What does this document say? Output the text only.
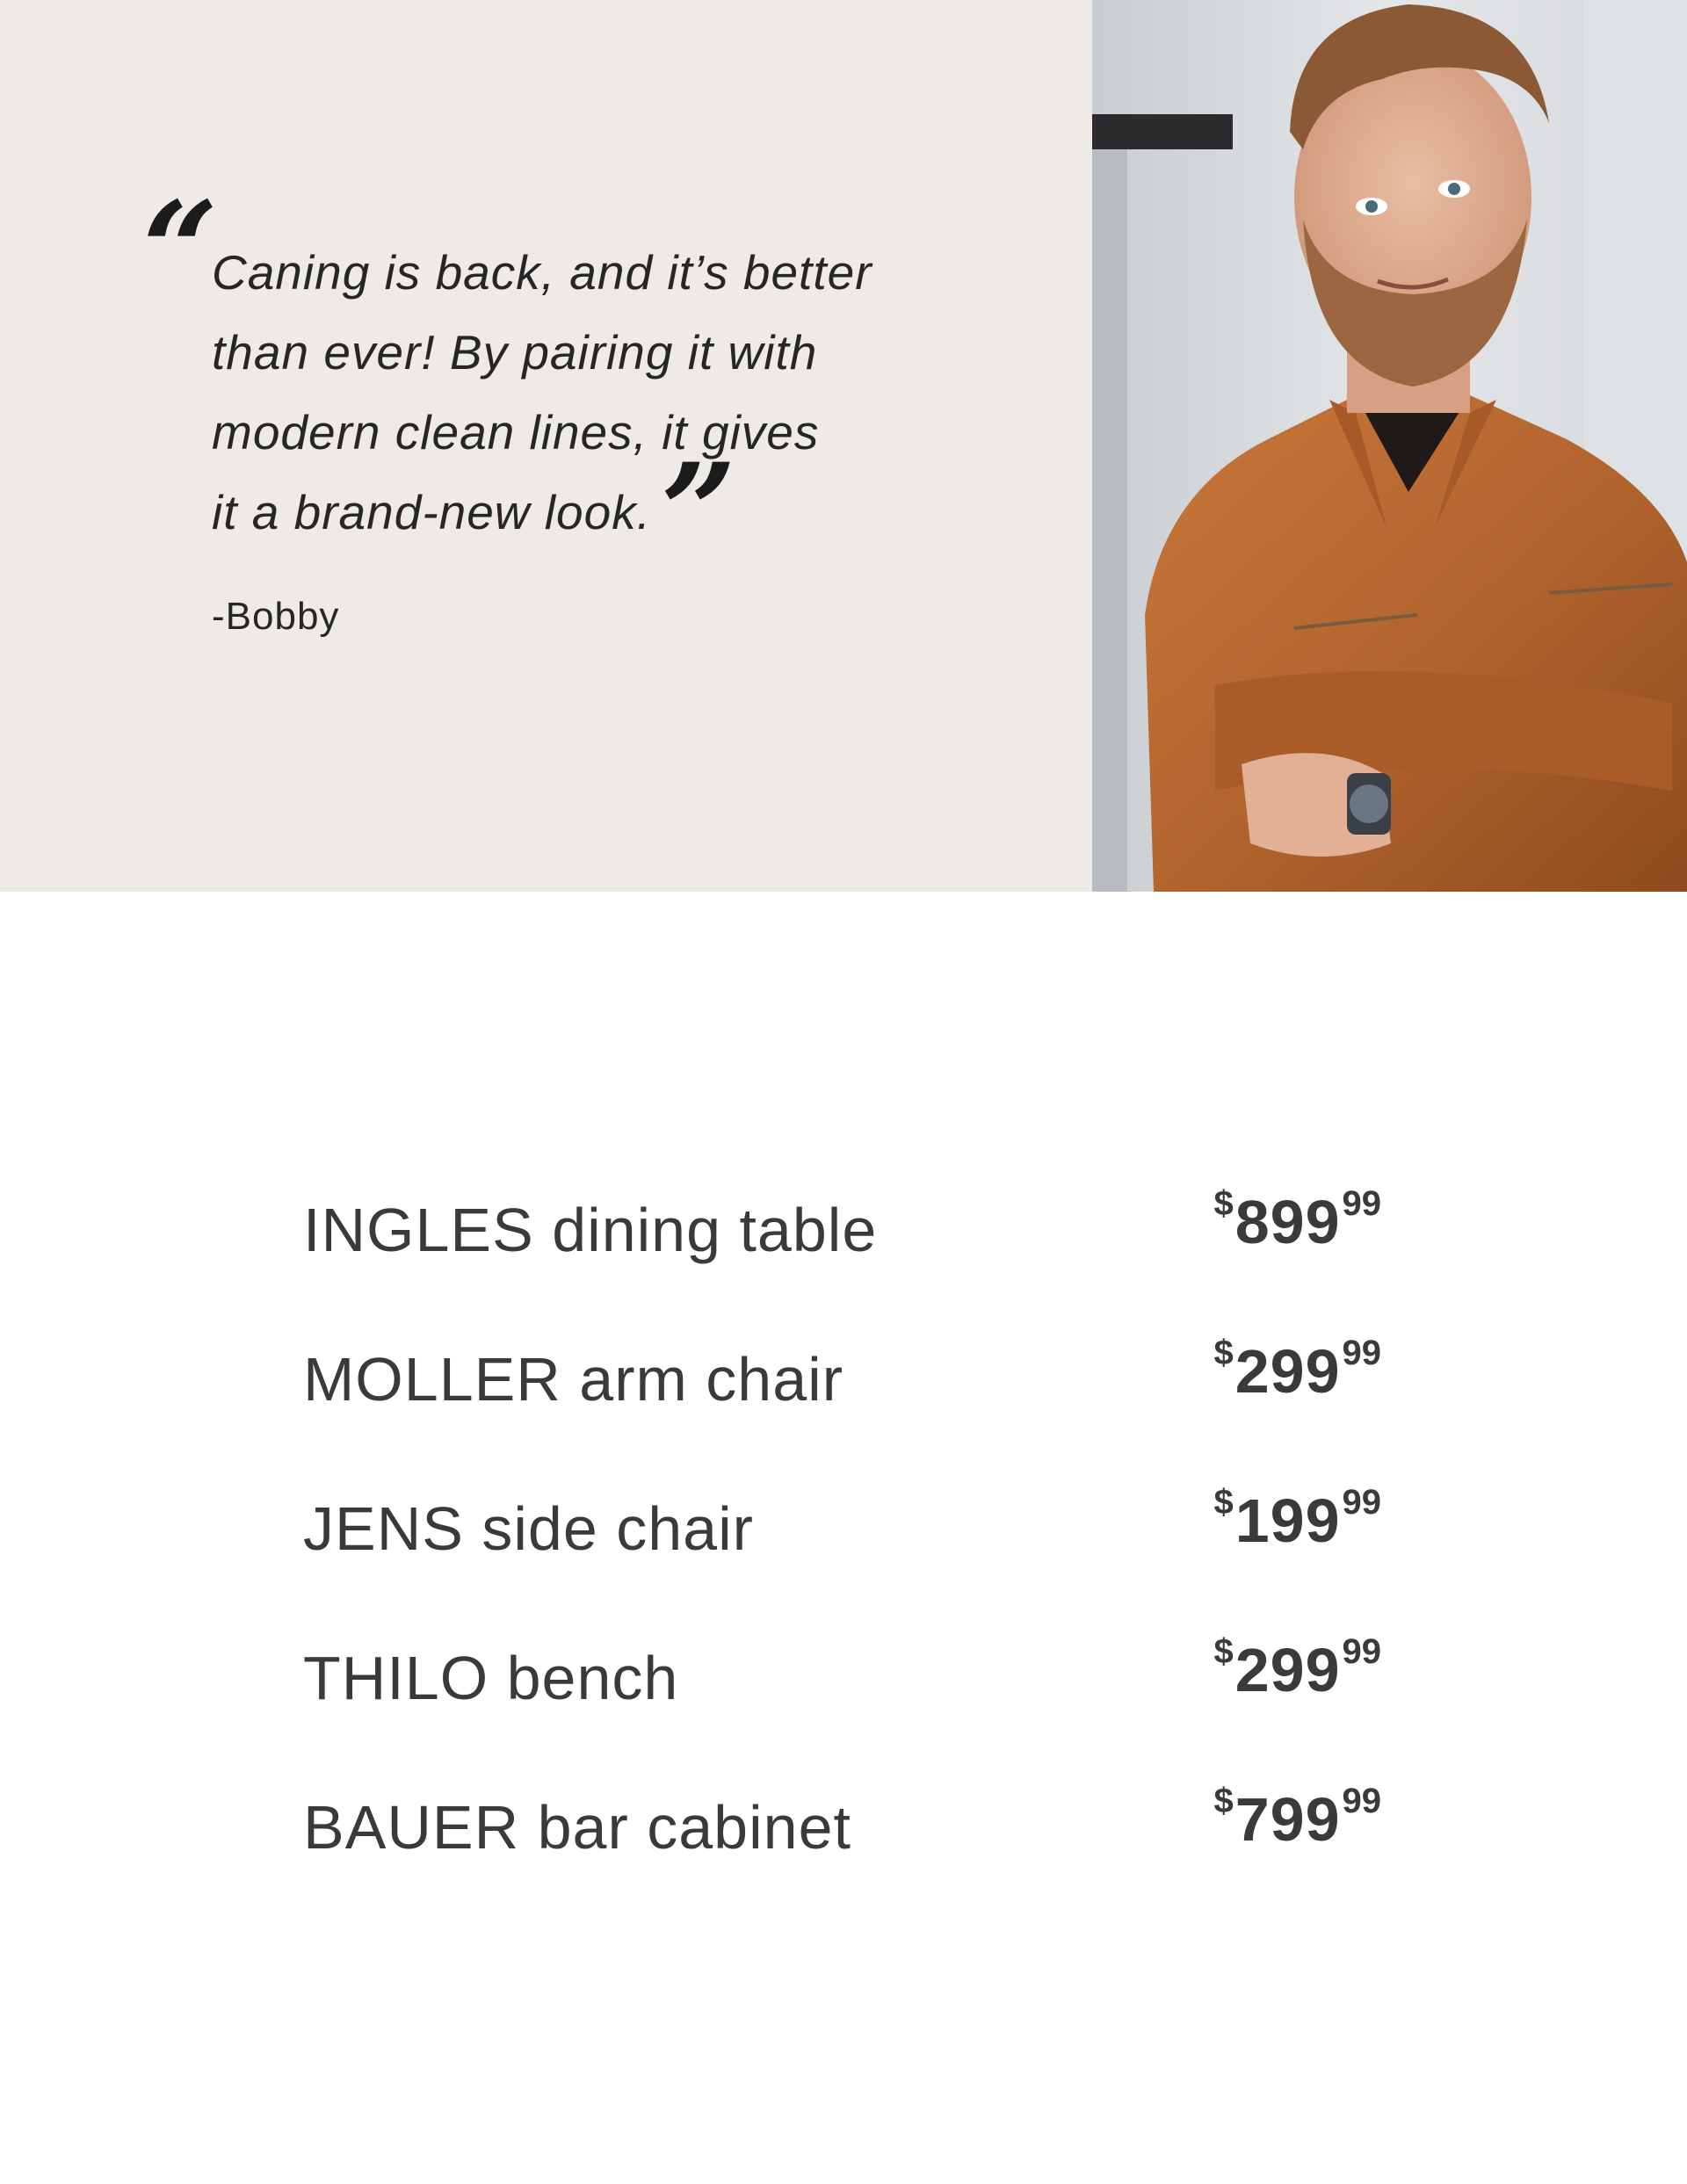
“
Caning is back, and it’s better
than ever! By pairing it with
modern clean lines, it gives
it a brand-new look. ”
-Bobby
INGLES dining table	$89999
MOLLER arm chair	$29999
JENS side chair	$19999
THILO bench	$29999
BAUER bar cabinet	$79999
